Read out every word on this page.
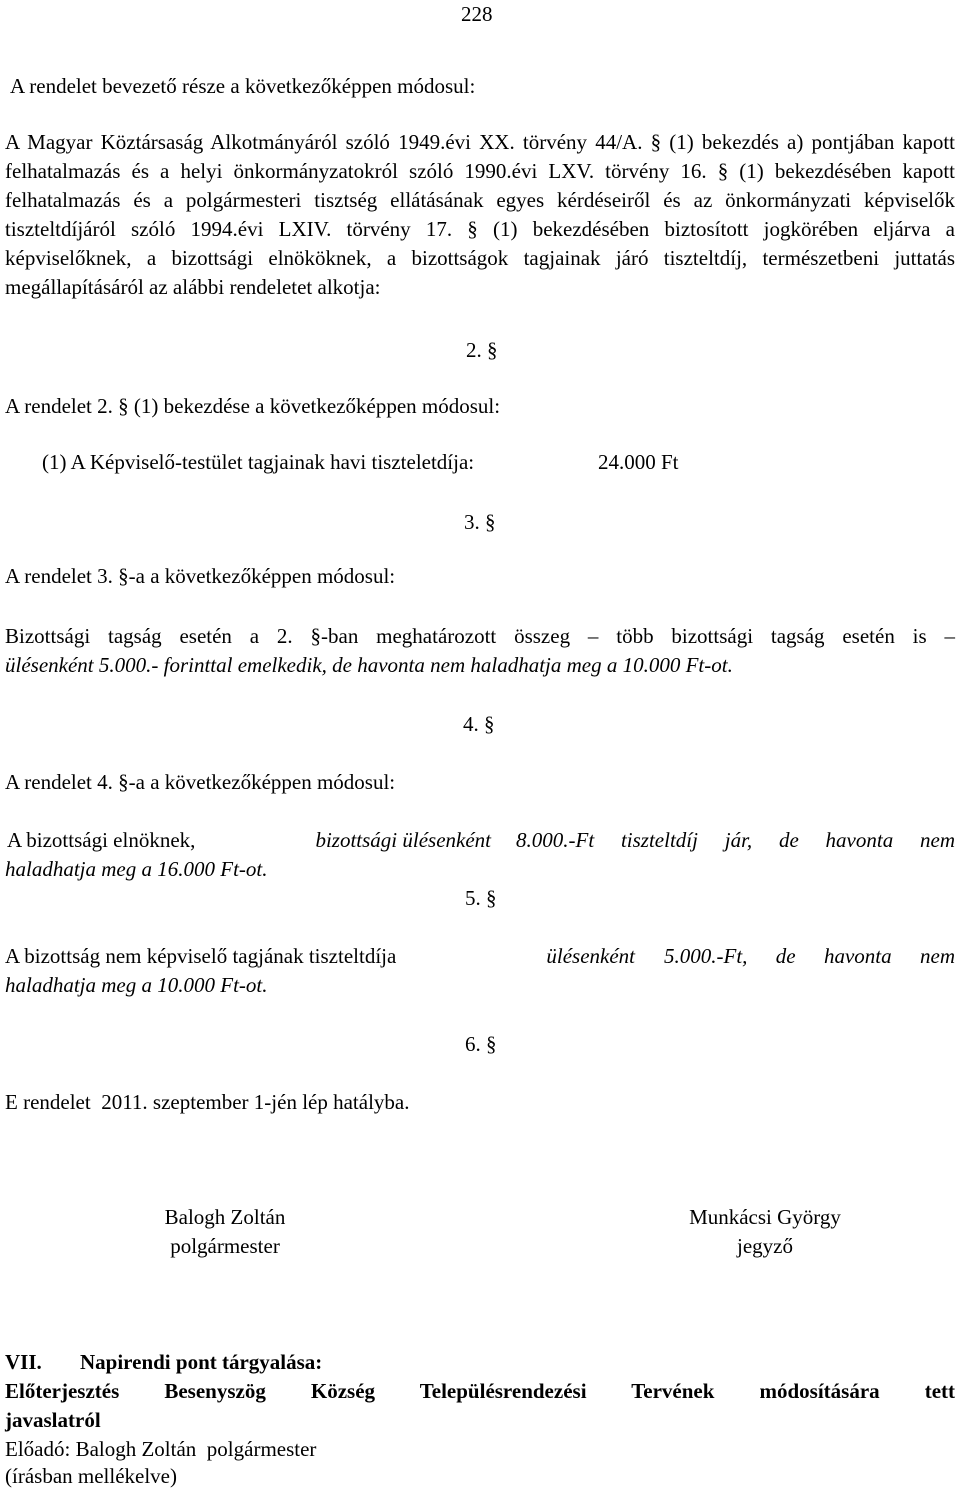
228
A rendelet bevezető része a következőképpen módosul:
A Magyar Köztársaság Alkotmányáról szóló 1949.évi XX. törvény 44/A. § (1) bekezdés a) pontjában kapott felhatalmazás és a helyi önkormányzatokról szóló 1990.évi LXV. törvény 16. § (1) bekezdésében kapott felhatalmazás és a polgármesteri tisztség ellátásának egyes kérdéseiről és az önkormányzati képviselők tiszteltdíjáról szóló 1994.évi LXIV. törvény 17. § (1) bekezdésében biztosított jogkörében eljárva a képviselőknek, a bizottsági elnököknek, a bizottságok tagjainak járó tiszteltdíj, természetbeni juttatás megállapításáról az alábbi rendeletet alkotja:
2. §
A rendelet 2. § (1) bekezdése a következőképpen módosul:
(1) A Képviselő-testület tagjainak havi tiszteletdíja:	24.000 Ft
3. §
A rendelet 3. §-a a következőképpen módosul:
Bizottsági tagság esetén a 2. §-ban meghatározott összeg – több bizottsági tagság esetén is –
ülésenként 5.000.- forinttal emelkedik, de havonta nem haladhatja meg a 10.000 Ft-ot.
4. §
A rendelet 4. §-a a következőképpen módosul:
A bizottsági elnöknek,	bizottsági ülésenként 8.000.-Ft tiszteltdíj jár, de havonta nem
haladhatja meg a 16.000 Ft-ot.
5. §
A bizottság nem képviselő tagjának tiszteltdíja	ülésenként 5.000.-Ft, de havonta nem
haladhatja meg a 10.000 Ft-ot.
6. §
E rendelet  2011. szeptember 1-jén lép hatályba.
Balogh Zoltán
polgármester
Munkácsi György
jegyző
VII. Napirendi pont tárgyalása:
Előterjesztés Besenyszög Község Településrendezési Tervének módosítására tett
javaslatról
Előadó: Balogh Zoltán  polgármester
(írásban mellékelve)
